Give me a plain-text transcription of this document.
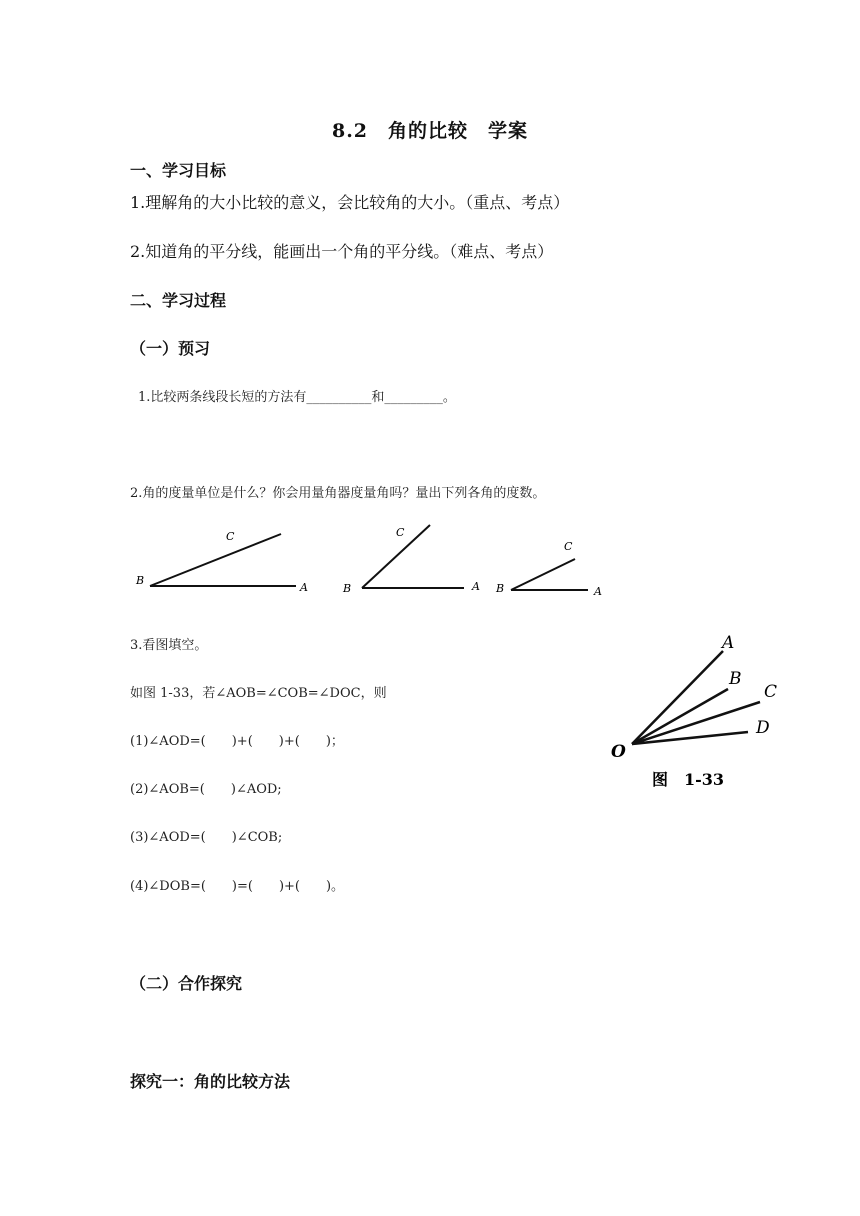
8.2　角的比较　学案
一、学习目标
1.理解角的大小比较的意义，会比较角的大小。（重点、考点）
2.知道角的平分线，能画出一个角的平分线。（难点、考点）
二、学习过程
（一）预习
1.比较两条线段长短的方法有__________和_________。
2.角的度量单位是什么？你会用量角器度量角吗？量出下列各角的度数。
B
C
A	B
C
A B
C
A
3.看图填空。
如图 1-33，若∠AOB=∠COB=∠DOC，则
(1)∠AOD=(　　)+(　　)+(　　)；
(2)∠AOB=(　　)∠AOD;
(3)∠AOD=(　　)∠COB;
(4)∠DOB=(　　)=(　　)+(　　)。
O
A
B
C
D
图　1-33
（二）合作探究
探究一：角的比较方法
